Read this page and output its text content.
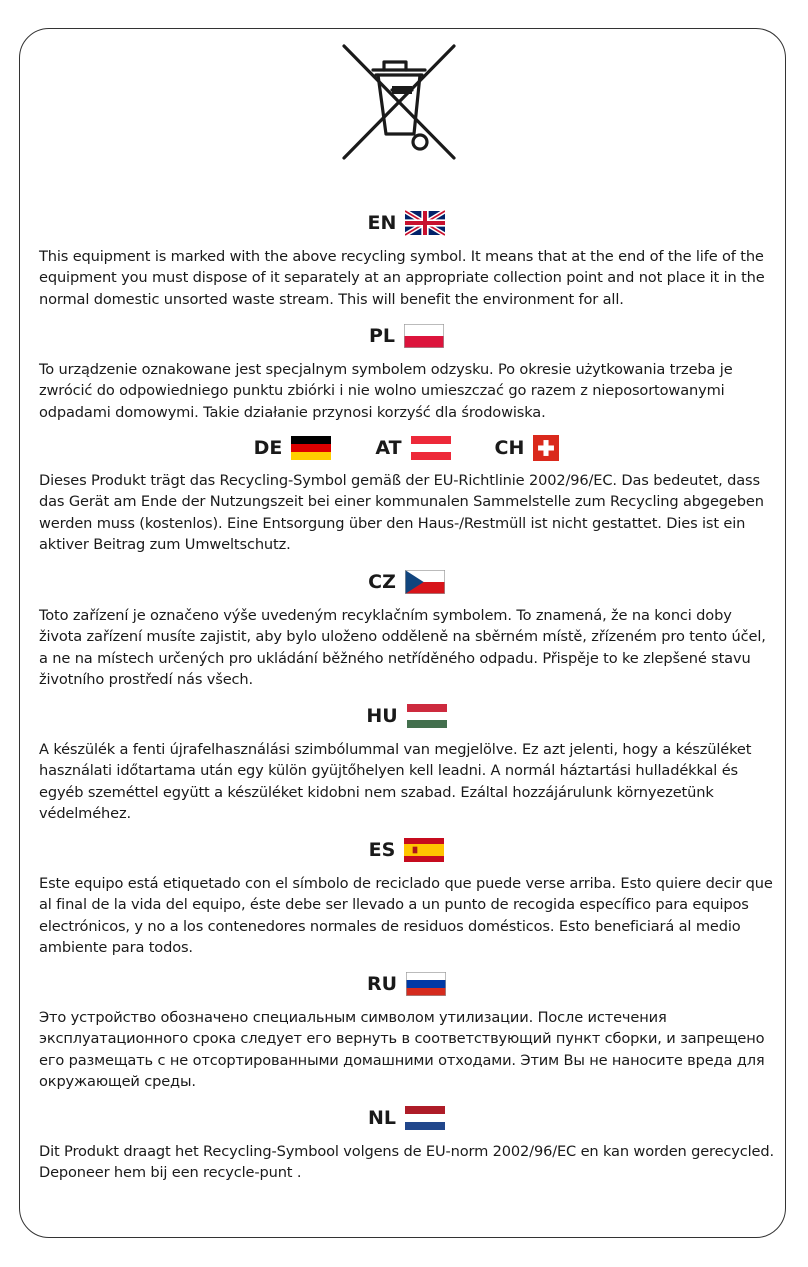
EN

This equipment is marked with the above recycling symbol. It means that at the end of the life of the equipment you must dispose of it separately at an appropriate collection point and not place it in the normal domestic unsorted waste stream. This will benefit the environment for all.

PL

To urządzenie oznakowane jest specjalnym symbolem odzysku. Po okresie użytkowania trzeba je zwrócić do odpowiedniego punktu zbiórki i nie wolno umieszczać go razem z nieposortowanymi odpadami domowymi. Takie działanie przynosi korzyść dla środowiska.

DE	AT	CH

Dieses Produkt trägt das Recycling-Symbol gemäß der EU-Richtlinie 2002/96/EC. Das bedeutet, dass das Gerät am Ende der Nutzungszeit bei einer kommunalen Sammelstelle zum Recycling abgegeben werden muss (kostenlos). Eine Entsorgung über den Haus-/Restmüll ist nicht gestattet. Dies ist ein aktiver Beitrag zum Umweltschutz.

CZ

Toto zařízení je označeno výše uvedeným recyklačním symbolem. To znamená, že na konci doby života zařízení musíte zajistit, aby bylo uloženo odděleně na sběrném místě, zřízeném pro tento účel, a ne na místech určených pro ukládání běžného netříděného odpadu. Přispěje to ke zlepšené stavu životního prostředí nás všech.

HU

A készülék a fenti újrafelhasználási szimbólummal van megjelölve. Ez azt jelenti, hogy a készüléket használati időtartama után egy külön gyüjtőhelyen kell leadni. A normál háztartási hulladékkal és egyéb szeméttel együtt a készüléket kidobni nem szabad. Ezáltal hozzájárulunk környezetünk védelméhez.

ES

Este equipo está etiquetado con el símbolo de reciclado que puede verse arriba. Esto quiere decir que al final de la vida del equipo, éste debe ser llevado a un punto de recogida específico para equipos electrónicos, y no a los contenedores normales de residuos domésticos. Esto beneficiará al medio ambiente para todos.

RU

Это устройство обозначено специальным символом утилизации. После истечения эксплуатационного срока следует его вернуть в соответствующий пункт сборки, и запрещено его размещать с не отсортированными домашними отходами. Этим Вы не наносите вреда для окружающей среды.

NL

Dit Produkt draagt het Recycling-Symbool volgens de EU-norm 2002/96/EC en kan worden gerecycled. Deponeer hem bij een recycle-punt .
